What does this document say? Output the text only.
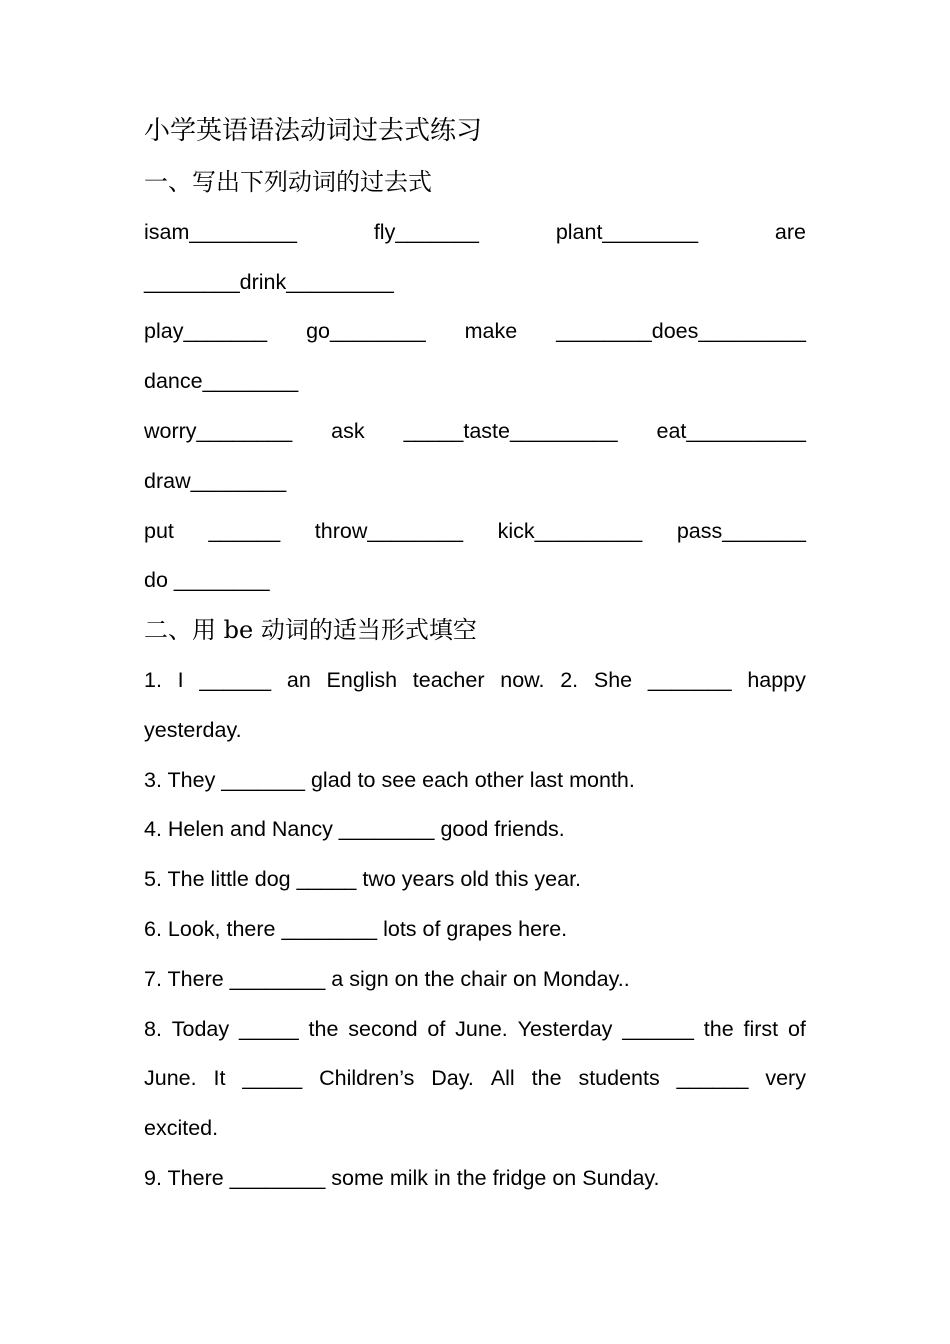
小学英语语法动词过去式练习
一、写出下列动词的过去式
isam_________	fly_______	plant________	are
________drink_________
play_______ go________ make ________does_________
dance________
worry________ ask _____taste_________ eat__________
draw________
put ______ throw________ kick_________ pass_______
do ________
二、用 be 动词的适当形式填空
1. I ______ an English teacher now. 2. She _______ happy
yesterday.
3. They _______ glad to see each other last month.
4. Helen and Nancy ________ good friends.
5. The little dog _____ two years old this year.
6. Look, there ________ lots of grapes here.
7. There ________ a sign on the chair on Monday..
8. Today _____ the second of June. Yesterday ______ the first of
June. It _____ Children’s Day. All the students ______ very
excited.
9. There ________ some milk in the fridge on Sunday.
